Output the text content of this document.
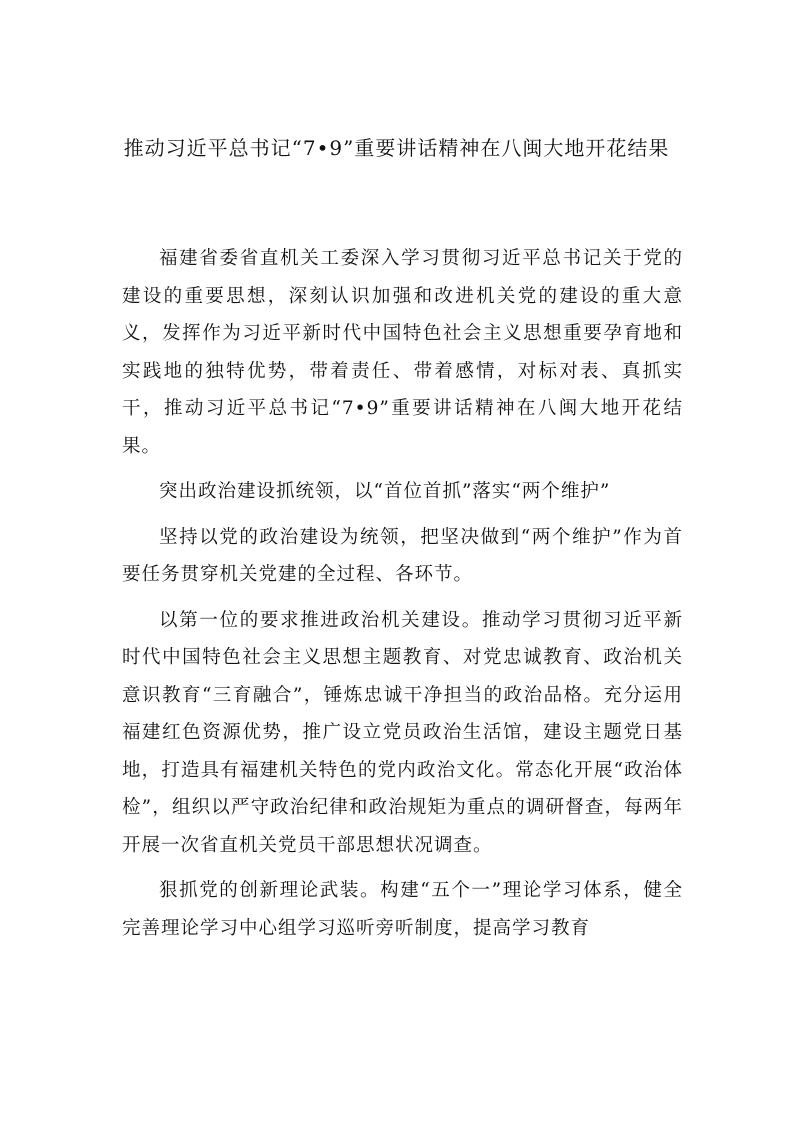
推动习近平总书记“7•9”重要讲话精神在八闽大地开花结果

福建省委省直机关工委深入学习贯彻习近平总书记关于党的建设的重要思想，深刻认识加强和改进机关党的建设的重大意义，发挥作为习近平新时代中国特色社会主义思想重要孕育地和实践地的独特优势，带着责任、带着感情，对标对表、真抓实干，推动习近平总书记“7•9”重要讲话精神在八闽大地开花结果。

突出政治建设抓统领，以“首位首抓”落实“两个维护”

坚持以党的政治建设为统领，把坚决做到“两个维护”作为首要任务贯穿机关党建的全过程、各环节。

以第一位的要求推进政治机关建设。推动学习贯彻习近平新时代中国特色社会主义思想主题教育、对党忠诚教育、政治机关意识教育“三育融合”，锤炼忠诚干净担当的政治品格。充分运用福建红色资源优势，推广设立党员政治生活馆，建设主题党日基地，打造具有福建机关特色的党内政治文化。常态化开展“政治体检”，组织以严守政治纪律和政治规矩为重点的调研督查，每两年开展一次省直机关党员干部思想状况调查。

狠抓党的创新理论武装。构建“五个一”理论学习体系，健全完善理论学习中心组学习巡听旁听制度，提高学习教育
